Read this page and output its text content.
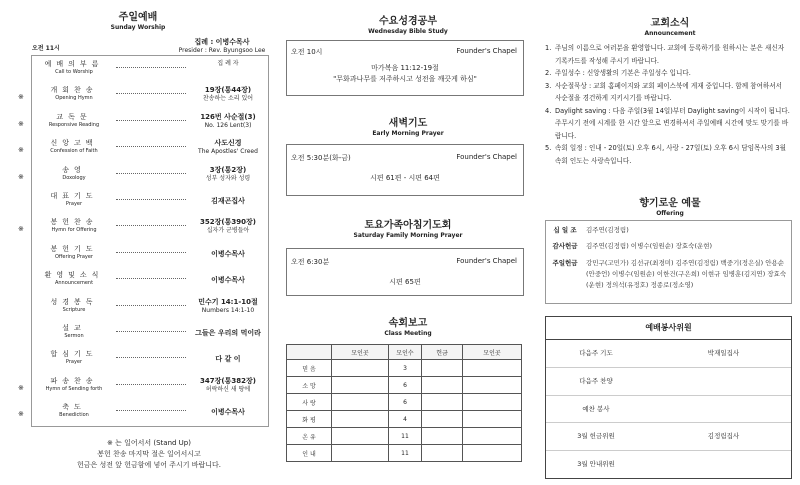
주일예배
Sunday Worship
오전 11시
집례 : 이병수목사
Presider : Rev. Byungsoo Lee
예배의부름
Call to Worship
집 례 자
※
개회찬송
Opening Hymn
19장(통44장)
찬송하는 소리 있어
※
교독문
Responsive Reading
126번 사순절(3)
No. 126 Lent(3)
※
신앙고백
Confession of Faith
사도신경
The Apostles' Creed
※
송영
Doxology
3장(통2장)
성부 성자와 성령
대표기도
Prayer	김재곤집사
※
봉헌찬송
Hymn for Offering
352장(통390장)
십자가 군병들아
봉헌기도
Offering Prayer	이병수목사
환영및소식
Announcement	이병수목사
성경봉독
Scripture
민수기 14:1-10절
Numbers 14:1-10
설교
Sermon	그들은 우리의 먹이라
합심기도
Prayer	다 같 이
※
파송찬송
Hymn of Sending forth
347장(통382장)
허락하신 새 땅에
※
축도
Benediction	이병수목사
※ 는 일어서서 (Stand Up)
봉헌 찬송 마지막 절은 일어서시고
헌금은 성전 앞 헌금함에 넣어 주시기 바랍니다.
수요성경공부
Wednesday Bible Study
오전 10시	Founder's Chapel
마가복음 11:12-19절
"무화과나무를 저주하시고 성전을 깨끗게 하심"
새벽기도
Early Morning Prayer
오전 5:30분(화-금)	Founder's Chapel
시편 61편 - 시편 64편
토요가족아침기도회
Saturday Family Morning Prayer
오전 6:30분	Founder's Chapel
시편 65편
속회보고
Class Meeting
	모인곳	모인수	헌금	모인곳
믿 음		3		
소 망		6		
사 랑		6		
화 평		4		
온 유		11		
인 내		11		
교회소식
Announcement

1. 주님의 이름으로 여러분을 환영합니다. 교회에 등록하기를 원하시는 분은 새신자 기록카드를 작성해 주시기 바랍니다.

2. 주일성수 : 신앙생활의 기본은 주일성수 입니다.

3. 사순절묵상 : 교회 홈페이지와 교회 페이스북에 게재 중입니다. 함께 참여하셔서 사순절을 경건하게 지키시기를 바랍니다.

4. Daylight saving : 다음 주일(3월 14일)부터 Daylight saving이 시작이 됩니다. 주무시기 전에 시계를 한 시간 앞으로 변경하셔서 주일예배 시간에 맞도 맞기를 바랍니다.

5. 속회 일정 : 인내 - 20일(토) 오후 6시, 사랑 - 27일(토) 오후 6시 담임목사의 3월 속회 인도는 사랑속입니다.

향기로운 예물
Offering
십 일 조	김주연(김정림)
감사헌금	김주연(김정림) 이병수(임원순) 장효숙(운현)
주일헌금	강민구(고민가) 김선규(최경미) 김주연(김정림) 백중기(정은실) 안용순(안중언) 이병수(임원순) 이한건(구은희) 이현규 임병훈(김지연) 장효숙(운현) 정의석(유정호) 정종로(정소영)
예배봉사위원
다음주 기도	박재일집사
다음주 찬양
예찬 봉사
3월 헌금위원	김정림집사
3월 안내위원
